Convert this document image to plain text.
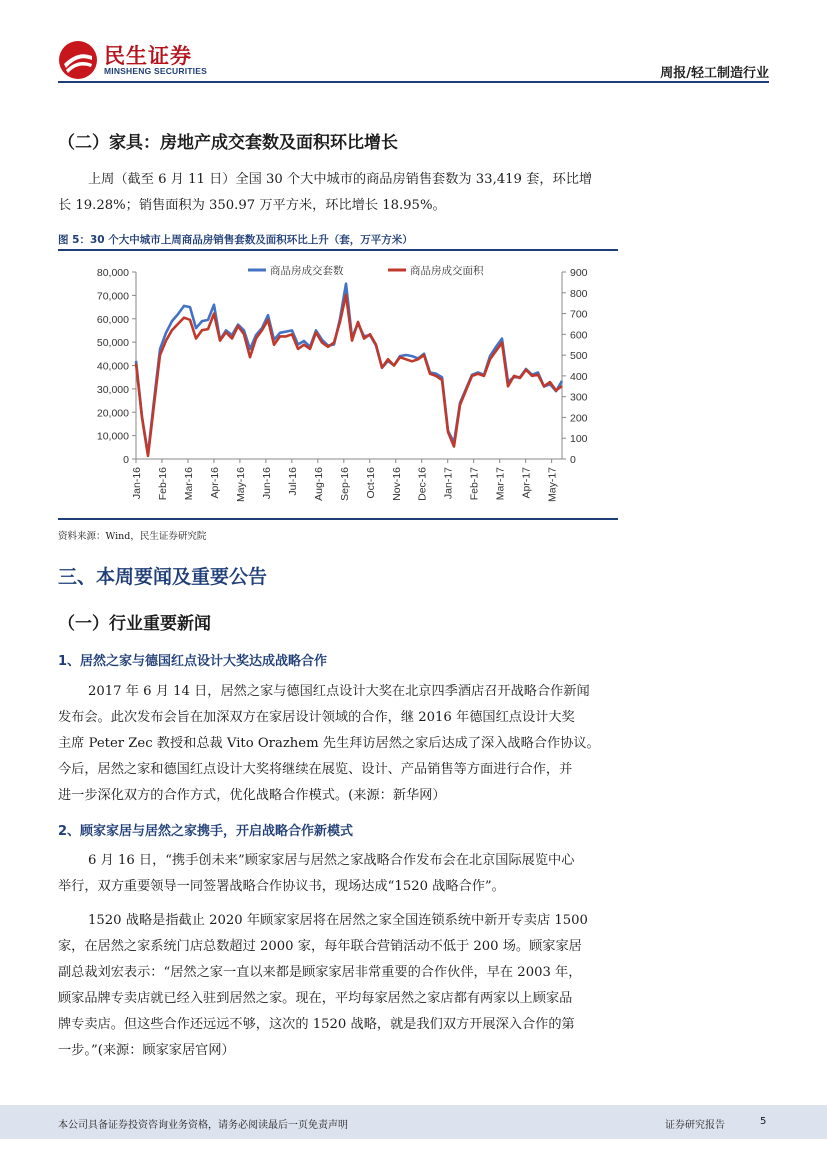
民生证券
MINSHENG SECURITIES	周报/轻工制造行业
（二）家具：房地产成交套数及面积环比增长
上周（截至 6 月 11 日）全国 30 个大中城市的商品房销售套数为 33,419 套，环比增
长 19.28%；销售面积为 350.97 万平方米，环比增长 18.95%。
图 5：30 个大中城市上周商品房销售套数及面积环比上升（套，万平方米）
0
10,000
20,000
30,000
40,000
50,000
60,000
70,000
80,000
0
100
200
300
400
500
600
700
800
900
Jan-16 Feb-16 Mar-16 Apr-16 May-16 Jun-16 Jul-16 Aug-16 Sep-16 Oct-16 Nov-16 Dec-16 Jan-17 Feb-17 Mar-17 Apr-17 May-17
商品房成交套数	商品房成交面积
资料来源：Wind，民生证券研究院
三、本周要闻及重要公告
（一）行业重要新闻
1、居然之家与德国红点设计大奖达成战略合作
2017 年 6 月 14 日，居然之家与德国红点设计大奖在北京四季酒店召开战略合作新闻
发布会。此次发布会旨在加深双方在家居设计领域的合作，继 2016 年德国红点设计大奖
主席 Peter Zec 教授和总裁 Vito Orazhem 先生拜访居然之家后达成了深入战略合作协议。
今后，居然之家和德国红点设计大奖将继续在展览、设计、产品销售等方面进行合作，并
进一步深化双方的合作方式，优化战略合作模式。(来源：新华网）
2、顾家家居与居然之家携手，开启战略合作新模式
6 月 16 日，“携手创未来”顾家家居与居然之家战略合作发布会在北京国际展览中心
举行，双方重要领导一同签署战略合作协议书，现场达成“1520 战略合作”。
1520 战略是指截止 2020 年顾家家居将在居然之家全国连锁系统中新开专卖店 1500
家，在居然之家系统门店总数超过 2000 家，每年联合营销活动不低于 200 场。顾家家居
副总裁刘宏表示：“居然之家一直以来都是顾家家居非常重要的合作伙伴，早在 2003 年，
顾家品牌专卖店就已经入驻到居然之家。现在，平均每家居然之家店都有两家以上顾家品
牌专卖店。但这些合作还远远不够，这次的 1520 战略，就是我们双方开展深入合作的第
一步。”(来源：顾家家居官网）
本公司具备证券投资咨询业务资格，请务必阅读最后一页免责声明	证券研究报告	5
